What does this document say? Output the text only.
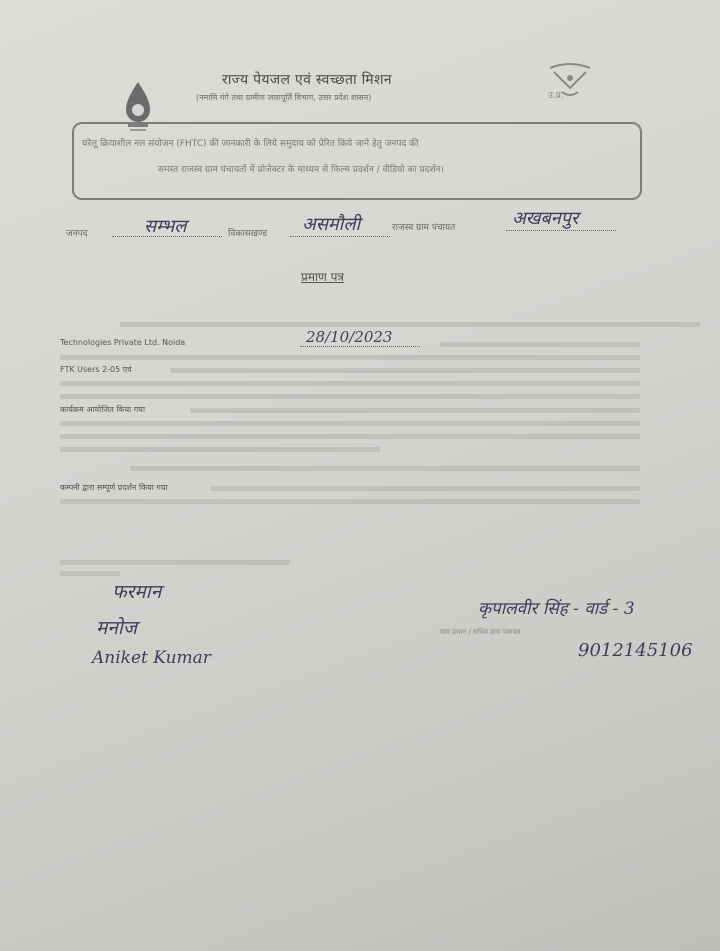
उ.प्र.
राज्य पेयजल एवं स्वच्छता मिशन
(नमामि गंगे तथा ग्रामीण जलापूर्ति विभाग, उत्तर प्रदेश शासन)
घरेलू क्रियाशील नल संयोजन (FHTC) की जानकारी के लिये समुदाय को प्रेरित किये जाने हेतु जनपद की
समस्त राजस्व ग्राम पंचायतों में प्रोजेक्टर के माध्यम से फिल्म प्रदर्शन / वीडियो का प्रदर्शन।
जनपद	सम्भल	विकासखण्ड असमौली	राजस्व ग्राम पंचायत	अखबनपुर
प्रमाण पत्र
Technologies Private Ltd. Noida	28/10/2023
FTK Users 2-05 एवं
कार्यक्रम आयोजित किया गया
कम्पनी द्वारा सम्पूर्ण प्रदर्शन किया गया
फरमान
मनोज
Aniket Kumar
कृपालवीर सिंह - वार्ड - 3
ग्राम प्रधान / सचिव ग्राम पंचायत
9012145106
